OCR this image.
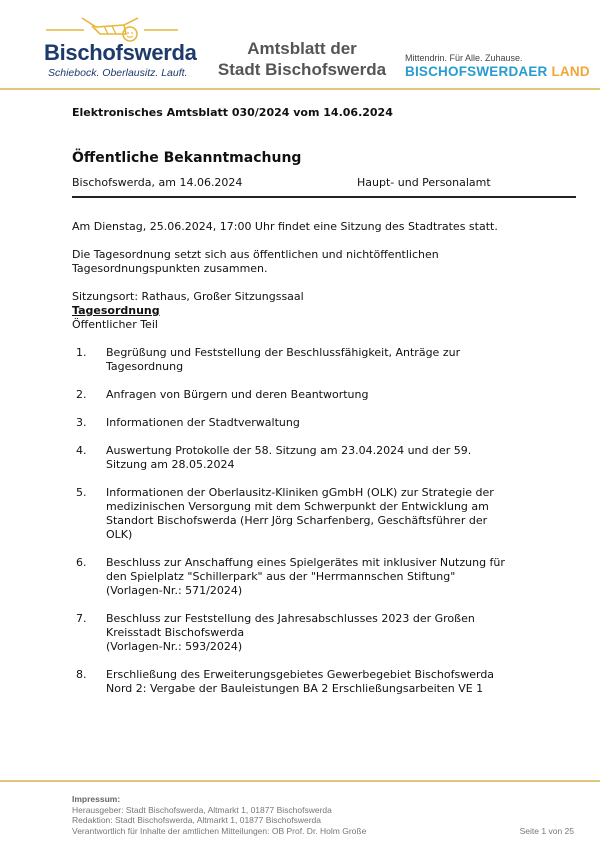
Bischofswerda
Schiebock. Oberlausitz. Lauft.
Amtsblatt der
Stadt Bischofswerda
Mittendrin. Für Alle. Zuhause.
BISCHOFSWERDAER LAND
Elektronisches Amtsblatt 030/2024 vom 14.06.2024
Öffentliche Bekanntmachung
Bischofswerda, am 14.06.2024	Haupt- und Personalamt
Am Dienstag, 25.06.2024, 17:00 Uhr findet eine Sitzung des Stadtrates statt.
Die Tagesordnung setzt sich aus öffentlichen und nichtöffentlichen Tagesordnungspunkten zusammen.
Sitzungsort: Rathaus, Großer Sitzungssaal
Tagesordnung
Öffentlicher Teil
1.	Begrüßung und Feststellung der Beschlussfähigkeit, Anträge zur Tagesordnung
2.	Anfragen von Bürgern und deren Beantwortung
3.	Informationen der Stadtverwaltung
4.	Auswertung Protokolle der 58. Sitzung am 23.04.2024 und der 59. Sitzung am 28.05.2024
5.	Informationen der Oberlausitz-Kliniken gGmbH (OLK) zur Strategie der medizinischen Versorgung mit dem Schwerpunkt der Entwicklung am Standort Bischofswerda (Herr Jörg Scharfenberg, Geschäftsführer der OLK)
6.	Beschluss zur Anschaffung eines Spielgerätes mit inklusiver Nutzung für den Spielplatz "Schillerpark" aus der "Herrmannschen Stiftung"
(Vorlagen-Nr.: 571/2024)
7.	Beschluss zur Feststellung des Jahresabschlusses 2023 der Großen Kreisstadt Bischofswerda
(Vorlagen-Nr.: 593/2024)
8.	Erschließung des Erweiterungsgebietes Gewerbegebiet Bischofswerda Nord 2: Vergabe der Bauleistungen BA 2 Erschließungsarbeiten VE 1
Impressum:
Herausgeber: Stadt Bischofswerda, Altmarkt 1, 01877 Bischofswerda
Redaktion: Stadt Bischofswerda, Altmarkt 1, 01877 Bischofswerda
Verantwortlich für Inhalte der amtlichen Mitteilungen: OB Prof. Dr. Holm Große	Seite 1 von 25
